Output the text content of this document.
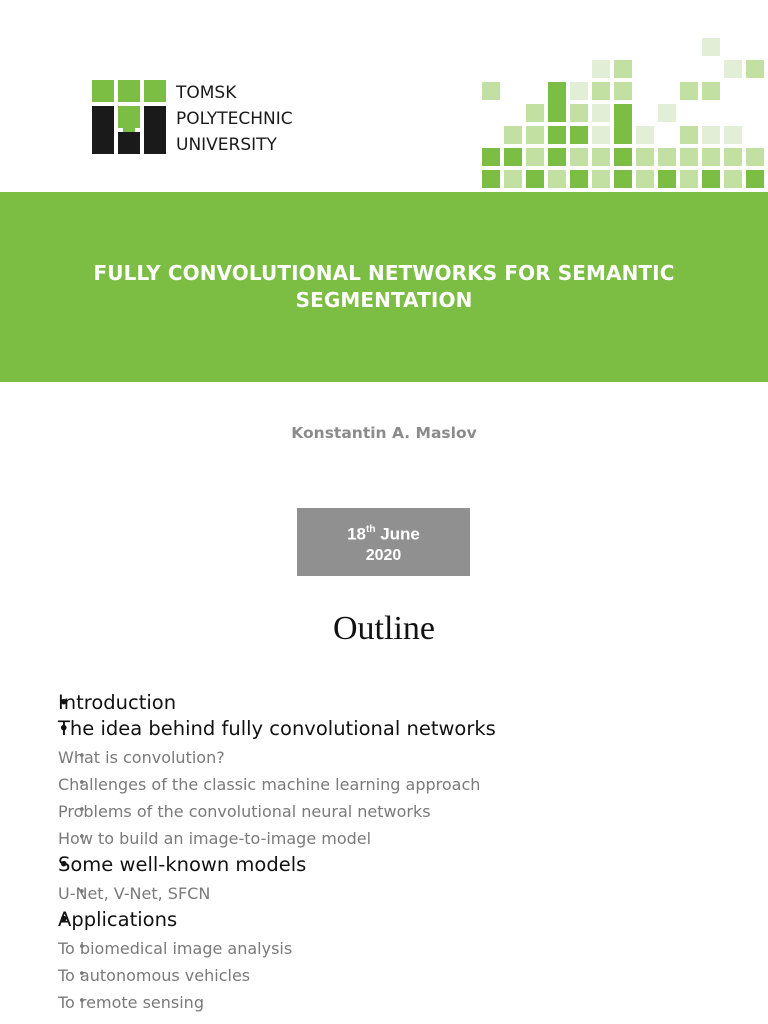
TOMSK
POLYTECHNIC
UNIVERSITY
FULLY CONVOLUTIONAL NETWORKS FOR SEMANTIC
SEGMENTATION
Konstantin A. Maslov
18th June
2020
Outline
• Introduction
• The idea behind fully convolutional networks
• What is convolution?
• Challenges of the classic machine learning approach
• Problems of the convolutional neural networks
• How to build an image-to-image model
• Some well-known models
• U-Net, V-Net, SFCN
• Applications
• To biomedical image analysis
• To autonomous vehicles
• To remote sensing
